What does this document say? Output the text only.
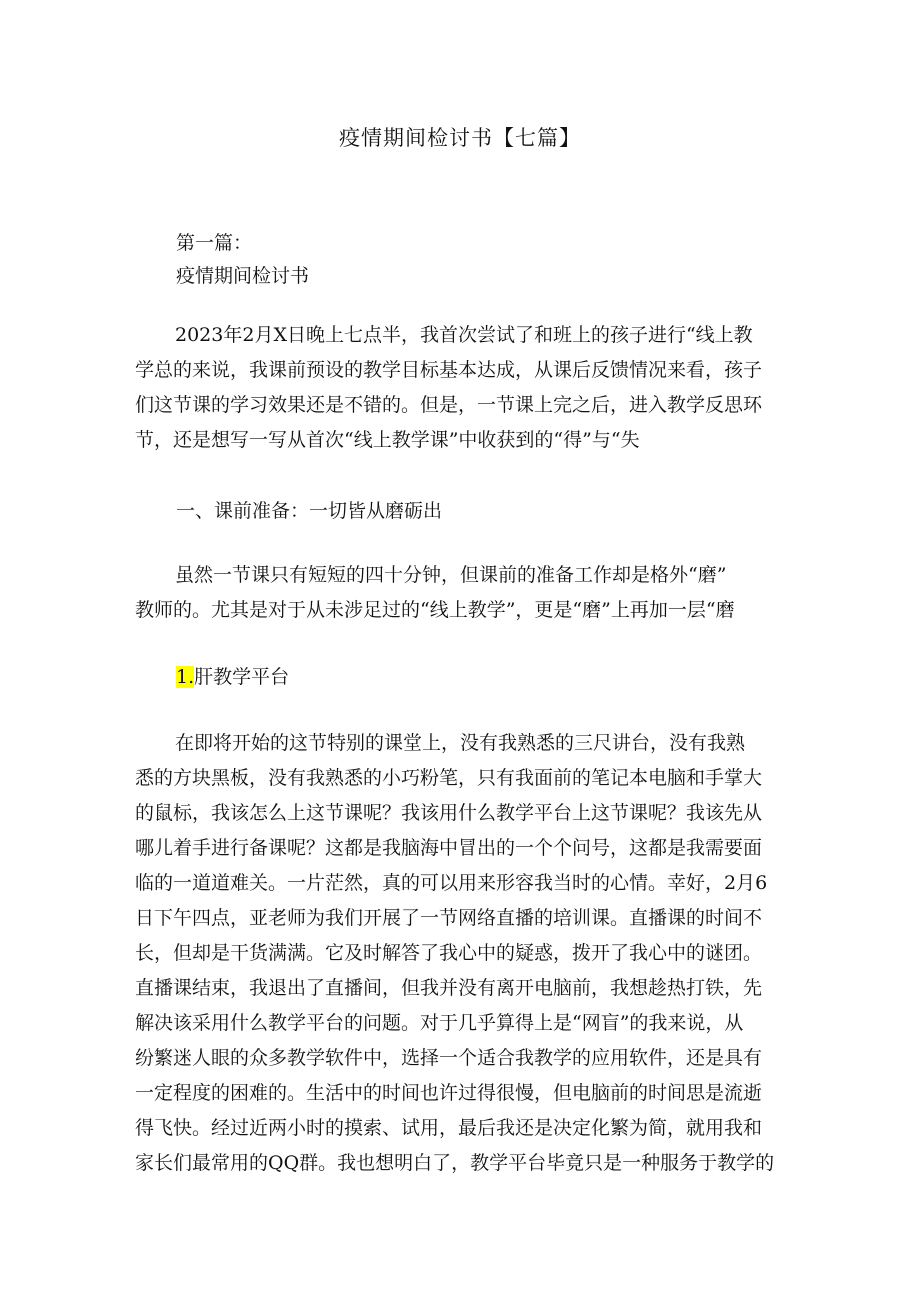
疫情期间检讨书【七篇】
第一篇：
疫情期间检讨书
2023年2月X日晚上七点半，我首次尝试了和班上的孩子进行“线上教
学总的来说，我课前预设的教学目标基本达成，从课后反馈情况来看，孩子
们这节课的学习效果还是不错的。但是，一节课上完之后，进入教学反思环
节，还是想写一写从首次“线上教学课”中收获到的“得”与“失
一、课前准备：一切皆从磨砺出
虽然一节课只有短短的四十分钟，但课前的准备工作却是格外“磨”
教师的。尤其是对于从未涉足过的“线上教学”，更是“磨”上再加一层“磨
1.肝教学平台
在即将开始的这节特别的课堂上，没有我熟悉的三尺讲台，没有我熟
悉的方块黑板，没有我熟悉的小巧粉笔，只有我面前的笔记本电脑和手掌大
的鼠标，我该怎么上这节课呢？我该用什么教学平台上这节课呢？我该先从
哪儿着手进行备课呢？这都是我脑海中冒出的一个个问号，这都是我需要面
临的一道道难关。一片茫然，真的可以用来形容我当时的心情。幸好，2月6
日下午四点，亚老师为我们开展了一节网络直播的培训课。直播课的时间不
长，但却是干货满满。它及时解答了我心中的疑惑，拨开了我心中的谜团。
直播课结束，我退出了直播间，但我并没有离开电脑前，我想趁热打铁，先
解决该采用什么教学平台的问题。对于几乎算得上是“网盲”的我来说，从
纷繁迷人眼的众多教学软件中，选择一个适合我教学的应用软件，还是具有
一定程度的困难的。生活中的时间也许过得很慢，但电脑前的时间思是流逝
得飞快。经过近两小时的摸索、试用，最后我还是决定化繁为简，就用我和
家长们最常用的QQ群。我也想明白了，教学平台毕竟只是一种服务于教学的
